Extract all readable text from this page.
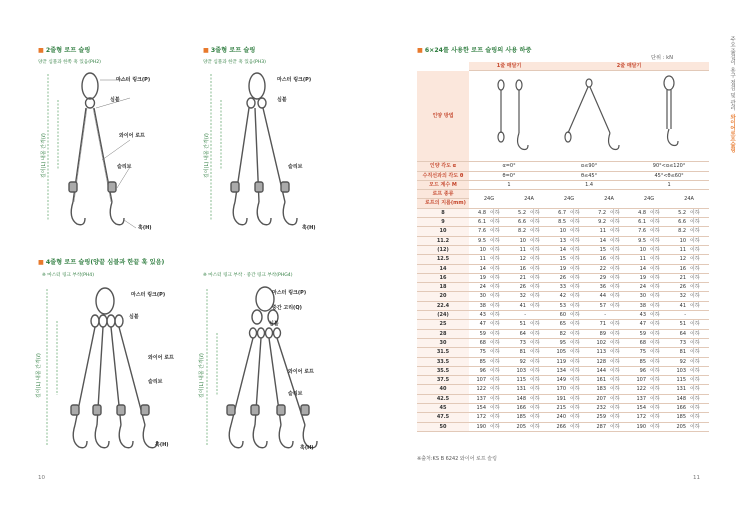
■ 2줄형 로프 슬링
양끝 심블과 한쪽 훅 있음(PH2)
■ 3줄형 로프 슬링
양끝 심블과 한끝 훅 있음(PH3)
■ 4줄형 로프 슬링(양끝 심블과 한끝 훅 있음)
※ 마스터 링크 부착(PH4)	※ 마스터 링크 부착 · 중간 링크 부착(PHG4)
마스터 링크(P)
심블
와이어 로프
슬리브
훅(H)
길이(L) 내몰 간격(ℓ)
마스터 링크(P)
심블
슬리브
훅(H)
길이(L) 내몰 간격(ℓ)
마스터 링크(P)
심블
와이어 로프
슬리브
훅(H)
길이(L) 내몰 간격(ℓ)
마스터 링크(P)
중간 고리(Q)
심블
와이어 로프
슬리브
훅(H)
길이(L) 내몰 간격(ℓ)
10
■ 6×24를 사용한 로프 슬링의 사용 하중
단위 : kN	주요 줄걸이 용구 점검 및 관리  와이어로프슬링
	1줄 매달기				2줄 매달기							
인양 방법			
인양 각도 α	α=0°				α≤90°				90°<α≤120°			
수직선과의 각도 θ	θ=0°				θ≤45°				45°<θ≤60°			
모드 계수 M	1				1.4				1			
로프 종류	24G		24A		24G		24A		24G		24A	
로프의 지름(mm)												
8	4.8	이하	5.2	이하	6.7	이하	7.2	이하	4.8	이하	5.2	이하
9	6.1	이하	6.6	이하	8.5	이하	9.2	이하	6.1	이하	6.6	이하
10	7.6	이하	8.2	이하	10	이하	11	이하	7.6	이하	8.2	이하
11.2	9.5	이하	10	이하	13	이하	14	이하	9.5	이하	10	이하
(12)	10	이하	11	이하	14	이하	15	이하	10	이하	11	이하
12.5	11	이하	12	이하	15	이하	16	이하	11	이하	12	이하
14	14	이하	16	이하	19	이하	22	이하	14	이하	16	이하
16	19	이하	21	이하	26	이하	29	이하	19	이하	21	이하
18	24	이하	26	이하	33	이하	36	이하	24	이하	26	이하
20	30	이하	32	이하	42	이하	44	이하	30	이하	32	이하
22.4	38	이하	41	이하	53	이하	57	이하	38	이하	41	이하
(24)	43	이하	-		60	이하	-		43	이하	-	
25	47	이하	51	이하	65	이하	71	이하	47	이하	51	이하
28	59	이하	64	이하	82	이하	89	이하	59	이하	64	이하
30	68	이하	73	이하	95	이하	102	이하	68	이하	73	이하
31.5	75	이하	81	이하	105	이하	113	이하	75	이하	81	이하
33.5	85	이하	92	이하	119	이하	128	이하	85	이하	92	이하
35.5	96	이하	103	이하	134	이하	144	이하	96	이하	103	이하
37.5	107	이하	115	이하	149	이하	161	이하	107	이하	115	이하
40	122	이하	131	이하	170	이하	183	이하	122	이하	131	이하
42.5	137	이하	148	이하	191	이하	207	이하	137	이하	148	이하
45	154	이하	166	이하	215	이하	232	이하	154	이하	166	이하
47.5	172	이하	185	이하	240	이하	259	이하	172	이하	185	이하
50	190	이하	205	이하	266	이하	287	이하	190	이하	205	이하
※출처:KS B 6242 와이어 로프 슬링
11
